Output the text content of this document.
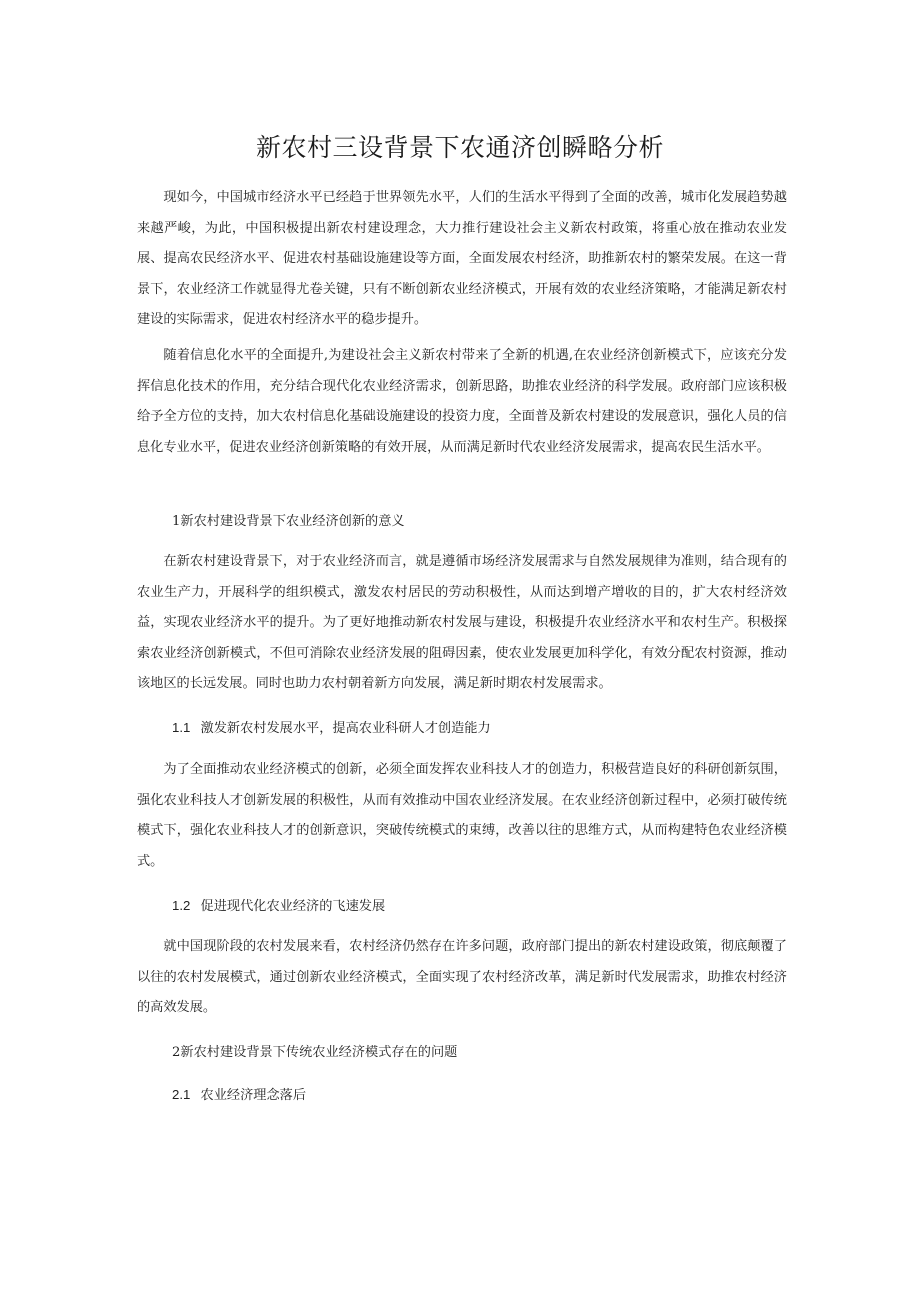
新农村三设背景下农通济创瞬略分析

现如今，中国城市经济水平已经趋于世界领先水平，人们的生活水平得到了全面的改善，城市化发展趋势越来越严峻，为此，中国积极提出新农村建设理念，大力推行建设社会主义新农村政策，将重心放在推动农业发展、提高农民经济水平、促进农村基础设施建设等方面，全面发展农村经济，助推新农村的繁荣发展。在这一背景下，农业经济工作就显得尤卷关键，只有不断创新农业经济模式，开展有效的农业经济策略，才能满足新农村建设的实际需求，促进农村经济水平的稳步提升。

随着信息化水平的全面提升,为建设社会主义新农村带来了全新的机遇,在农业经济创新模式下，应该充分发挥信息化技术的作用，充分结合现代化农业经济需求，创新思路，助推农业经济的科学发展。政府部门应该积极给予全方位的支持，加大农村信息化基础设施建设的投资力度，全面普及新农村建设的发展意识，强化人员的信息化专业水平，促进农业经济创新策略的有效开展，从而满足新时代农业经济发展需求，提高农民生活水平。

1新农村建设背景下农业经济创新的意义

在新农村建设背景下，对于农业经济而言，就是遵循市场经济发展需求与自然发展规律为准则，结合现有的农业生产力，开展科学的组织模式，激发农村居民的劳动积极性，从而达到增产增收的目的，扩大农村经济效益，实现农业经济水平的提升。为了更好地推动新农村发展与建设，积极提升农业经济水平和农村生产。积极探索农业经济创新模式，不但可消除农业经济发展的阻碍因素，使农业发展更加科学化，有效分配农村资源，推动该地区的长远发展。同时也助力农村朝着新方向发展，满足新时期农村发展需求。

1.1 激发新农村发展水平，提高农业科研人才创造能力

为了全面推动农业经济模式的创新，必须全面发挥农业科技人才的创造力，积极营造良好的科研创新氛围，强化农业科技人才创新发展的积极性，从而有效推动中国农业经济发展。在农业经济创新过程中，必须打破传统模式下，强化农业科技人才的创新意识，突破传统模式的束缚，改善以往的思维方式，从而构建特色农业经济模式。

1.2 促进现代化农业经济的飞速发展

就中国现阶段的农村发展来看，农村经济仍然存在许多问题，政府部门提出的新农村建设政策，彻底颠覆了以往的农村发展模式，通过创新农业经济模式，全面实现了农村经济改革，满足新时代发展需求，助推农村经济的高效发展。

2新农村建设背景下传统农业经济模式存在的问题
2.1 农业经济理念落后
